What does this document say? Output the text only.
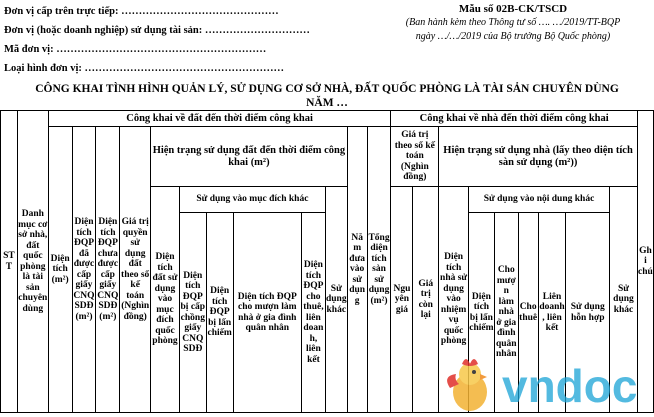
Đơn vị cấp trên trực tiếp: ………………………………………
Đơn vị (hoặc doanh nghiệp) sử dụng tài sản: …………………………
Mã đơn vị: ……………………………………………………
Loại hình đơn vị: …………………………………………………
Mẫu số 02B-CK/TSCD
(Ban hành kèm theo Thông tư số …. …/2019/TT-BQP
ngày …/…/2019 của Bộ trưởng Bộ Quốc phòng)
CÔNG KHAI TÌNH HÌNH QUẢN LÝ, SỬ DỤNG CƠ SỞ NHÀ, ĐẤT QUỐC PHÒNG LÀ TÀI SẢN CHUYÊN DÙNG
NĂM …
STT	Danh mục cơ sở nhà, đất quốc phòng là tài sản chuyên dùng	Công khai về đất đến thời điểm công khai												Công khai về nhà đến thời điểm công khai									Ghi chú
		Diện tích (m²)	Diện tích ĐQP đã được cấp giấy CNQSDĐ (m²)	Diện tích ĐQP chưa được cấp giấy CNQSDĐ (m²)	Giá trị quyền sử dụng đất theo sổ kế toán (Nghìn đồng)	Hiện trạng sử dụng đất đến thời điểm công khai (m²)						Năm đưa vào sử dụng	Tổng diện tích sàn sử dụng (m²)	Giá trị theo sổ kế toán (Nghìn đồng)		Hiện trạng sử dụng nhà (lấy theo diện tích sàn sử dụng (m²))							
						Diện tích đất sử dụng vào mục đích quốc phòng	Sử dụng vào mục đích khác				Sử dụng khác			Nguyên giá	Giá trị còn lại	Diện tích nhà sử dụng vào nhiệm vụ quốc phòng	Sử dụng vào nội dung khác					Sử dụng khác	
							Diện tích ĐQP bị cấp chồng giấy CNQSDĐ	Diện tích ĐQP bị lấn chiếm	Diện tích ĐQP cho mượn làm nhà ở gia đình quân nhân	Diện tích ĐQP cho thuê, liên doanh, liên kết							Diện tích bị lấn chiếm	Cho mượn làm nhà ở gia đình quân nhân	Cho thuê	Liên doanh, liên kết	Sử dụng hỗn hợp		

vndoc
